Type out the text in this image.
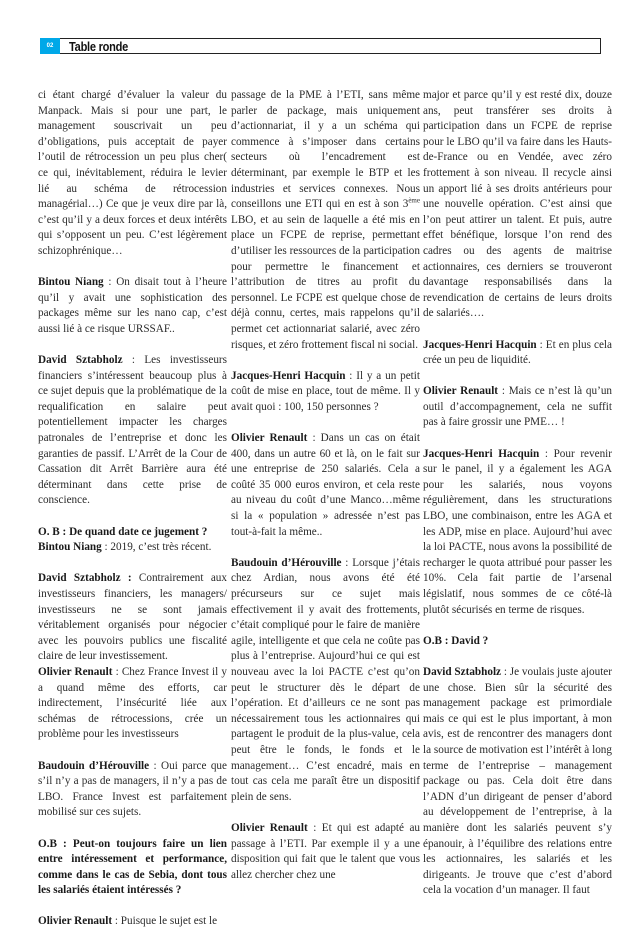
02	Table ronde

ci étant chargé d’évaluer la valeur du Manpack. Mais si pour une part, le management souscrivait un peu d’obligations, puis acceptait de payer l’outil de rétrocession un peu plus cher( ce qui, inévitablement, réduira le levier lié au schéma de rétrocession managérial…) Ce que je veux dire par là, c’est qu’il y a deux forces et deux intérêts qui s’opposent un peu. C’est légèrement schizophrénique…

Bintou Niang : On disait tout à l’heure qu’il y avait une sophistication des packages même sur les nano cap, c’est aussi lié à ce risque URSSAF..

David Sztabholz : Les investisseurs financiers s’intéressent beaucoup plus à ce sujet depuis que la problématique de la requalification en salaire peut potentiellement impacter les charges patronales de l’entreprise et donc les garanties de passif. L’Arrêt de la Cour de Cassation dit Arrêt Barrière aura été déterminant dans cette prise de conscience.

O. B : De quand date ce jugement ?

Bintou Niang : 2019, c’est très récent.

David Sztabholz : Contrairement aux investisseurs financiers, les managers/ investisseurs ne se sont jamais véritablement organisés pour négocier avec les pouvoirs publics une fiscalité claire de leur investissement.

Olivier Renault : Chez France Invest il y a quand même des efforts, car indirectement, l’insécurité liée aux schémas de rétrocessions, crée un problème pour les investisseurs

Baudouin d’Hérouville : Oui parce que s’il n’y a pas de managers, il n’y a pas de LBO. France Invest est parfaitement mobilisé sur ces sujets.

O.B : Peut-on toujours faire un lien entre intéressement et performance, comme dans le cas de Sebia, dont tous les salariés étaient intéressés ?

Olivier Renault : Puisque le sujet est le

passage de la PME à l’ETI, sans même parler de package, mais uniquement d’actionnariat, il y a un schéma qui commence à s’imposer dans certains secteurs où l’encadrement est déterminant, par exemple le BTP et les industries et services connexes. Nous conseillons une ETI qui en est à son 3ème LBO, et au sein de laquelle a été mis en place un FCPE de reprise, permettant d’utiliser les ressources de la participation pour permettre le financement et l’attribution de titres au profit du personnel. Le FCPE est quelque chose de déjà connu, certes, mais rappelons qu’il permet cet actionnariat salarié, avec zéro risques, et zéro frottement fiscal ni social.

Jacques-Henri Hacquin : Il y a un petit coût de mise en place, tout de même. Il y avait quoi : 100, 150 personnes ?

Olivier Renault : Dans un cas on était 400, dans un autre 60 et là, on le fait sur une entreprise de 250 salariés. Cela a coûté 35 000 euros environ, et cela reste au niveau du coût d’une Manco…même si la « population » adressée n’est pas tout-à-fait la même..

Baudouin d’Hérouville : Lorsque j’étais chez Ardian, nous avons été été précurseurs sur ce sujet mais effectivement il y avait des frottements, c’était compliqué pour le faire de manière agile, intelligente et que cela ne coûte pas plus à l’entreprise. Aujourd’hui ce qui est nouveau avec la loi PACTE c’est qu’on peut le structurer dès le départ de l’opération. Et d’ailleurs ce ne sont pas nécessairement tous les actionnaires qui partagent le produit de la plus-value, cela peut être le fonds, le fonds et le management… C’est encadré, mais en tout cas cela me paraît être un dispositif plein de sens.

Olivier Renault : Et qui est adapté au passage à l’ETI. Par exemple il y a une disposition qui fait que le talent que vous allez chercher chez une

major et parce qu’il y est resté dix, douze ans, peut transférer ses droits à participation dans un FCPE de reprise pour le LBO qu’il va faire dans les Hauts-de-France ou en Vendée, avec zéro frottement à son niveau. Il recycle ainsi un apport lié à ses droits antérieurs pour une nouvelle opération. C’est ainsi que l’on peut attirer un talent. Et puis, autre effet bénéfique, lorsque l’on rend des cadres ou des agents de maitrise actionnaires, ces derniers se trouveront davantage responsabilisés dans la revendication de certains de leurs droits de salariés….

Jacques-Henri Hacquin : Et en plus cela crée un peu de liquidité.

Olivier Renault : Mais ce n’est là qu’un outil d’accompagnement, cela ne suffit pas à faire grossir une PME… !

Jacques-Henri Hacquin : Pour revenir sur le panel, il y a également les AGA pour les salariés, nous voyons régulièrement, dans les structurations LBO, une combinaison, entre les AGA et les ADP, mise en place. Aujourd’hui avec la loi PACTE, nous avons la possibilité de recharger le quota attribué pour passer les 10%. Cela fait partie de l’arsenal législatif, nous sommes de ce côté-là plutôt sécurisés en terme de risques.

O.B : David ?

David Sztabholz : Je voulais juste ajouter une chose. Bien sûr la sécurité des management package est primordiale mais ce qui est le plus important, à mon avis, est de rencontrer des managers dont la source de motivation est l’intérêt à long terme de l’entreprise – management package ou pas. Cela doit être dans l’ADN d’un dirigeant de penser d’abord au développement de l’entreprise, à la manière dont les salariés peuvent s’y épanouir, à l’équilibre des relations entre les actionnaires, les salariés et les dirigeants. Je trouve que c’est d’abord cela la vocation d’un manager. Il faut
